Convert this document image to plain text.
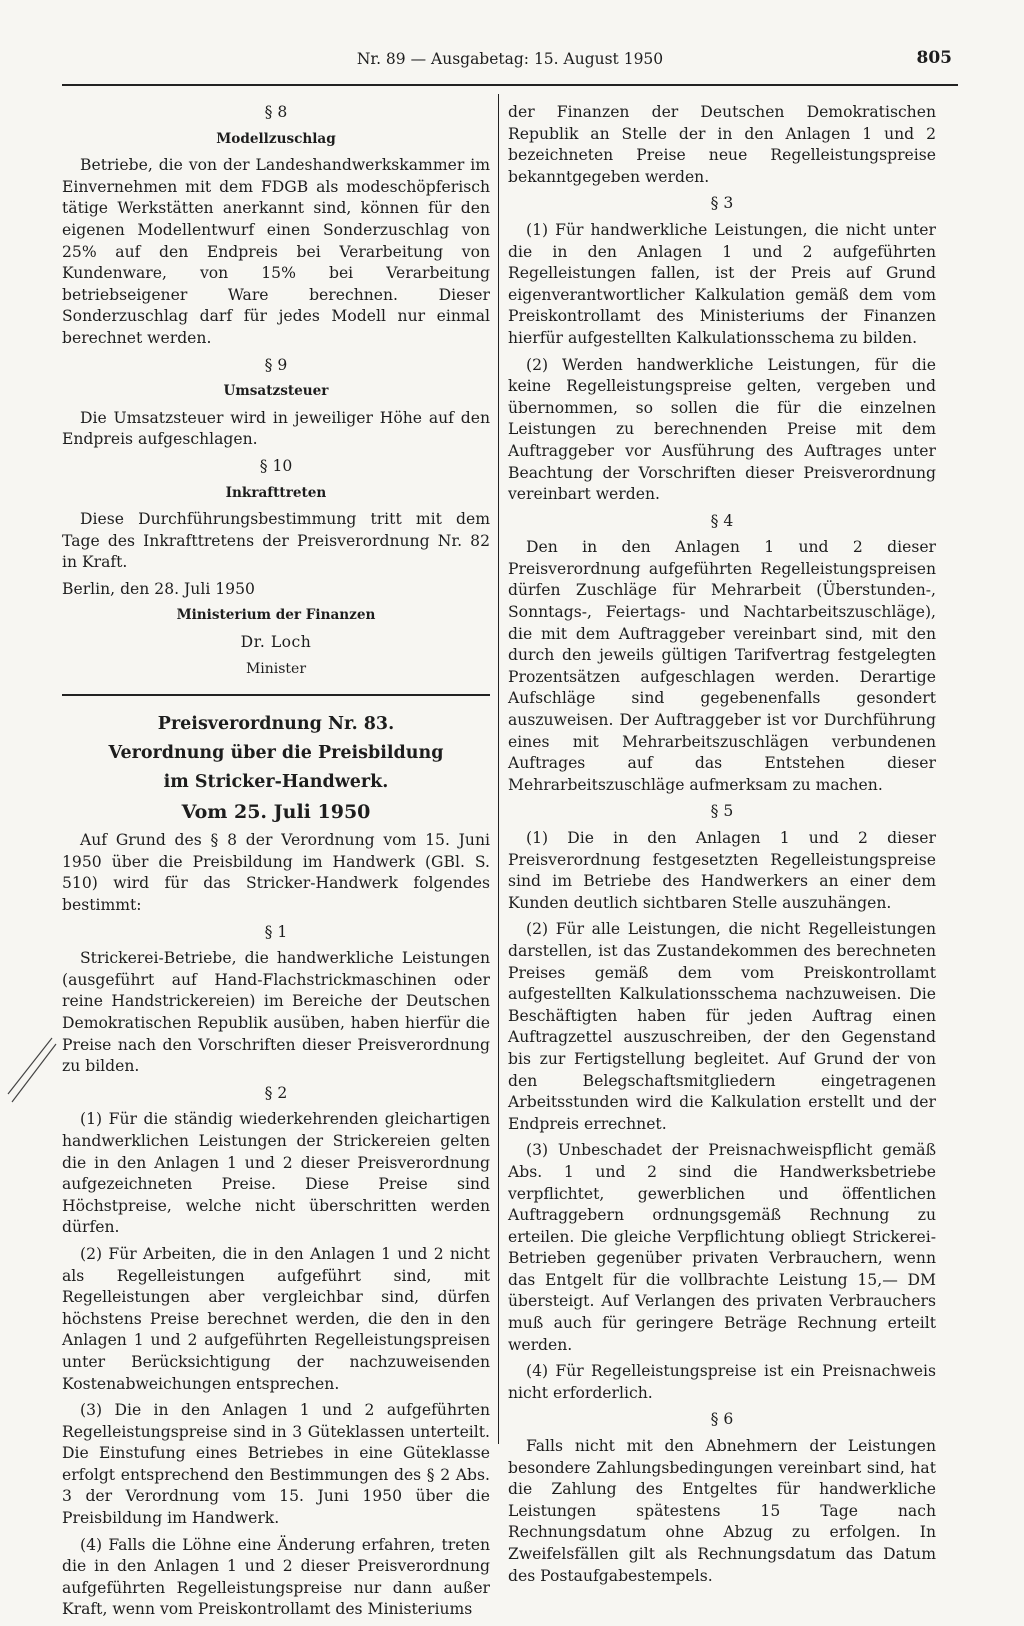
Nr. 89 — Ausgabetag: 15. August 1950	805

§ 8

Modellzuschlag

Betriebe, die von der Landeshandwerkskammer im Einvernehmen mit dem FDGB als modeschöpferisch tätige Werkstätten anerkannt sind, können für den eigenen Modellentwurf einen Sonderzuschlag von 25% auf den Endpreis bei Verarbeitung von Kundenware, von 15% bei Verarbeitung betriebseigener Ware berechnen. Dieser Sonderzuschlag darf für jedes Modell nur einmal berechnet werden.

§ 9

Umsatzsteuer

Die Umsatzsteuer wird in jeweiliger Höhe auf den Endpreis aufgeschlagen.

§ 10

Inkrafttreten

Diese Durchführungsbestimmung tritt mit dem Tage des Inkrafttretens der Preisverordnung Nr. 82 in Kraft.

Berlin, den 28. Juli 1950

Ministerium der Finanzen

Dr. Loch

Minister

Preisverordnung Nr. 83.

Verordnung über die Preisbildung

im Stricker-Handwerk.

Vom 25. Juli 1950

Auf Grund des § 8 der Verordnung vom 15. Juni 1950 über die Preisbildung im Handwerk (GBl. S. 510) wird für das Stricker-Handwerk folgendes bestimmt:

§ 1

Strickerei-Betriebe, die handwerkliche Leistungen (ausgeführt auf Hand-Flachstrickmaschinen oder reine Handstrickereien) im Bereiche der Deutschen Demokratischen Republik ausüben, haben hierfür die Preise nach den Vorschriften dieser Preisverordnung zu bilden.

§ 2

(1) Für die ständig wiederkehrenden gleichartigen handwerklichen Leistungen der Strickereien gelten die in den Anlagen 1 und 2 dieser Preisverordnung aufgezeichneten Preise. Diese Preise sind Höchstpreise, welche nicht überschritten werden dürfen.

(2) Für Arbeiten, die in den Anlagen 1 und 2 nicht als Regelleistungen aufgeführt sind, mit Regelleistungen aber vergleichbar sind, dürfen höchstens Preise berechnet werden, die den in den Anlagen 1 und 2 aufgeführten Regelleistungspreisen unter Berücksichtigung der nachzuweisenden Kostenabweichungen entsprechen.

(3) Die in den Anlagen 1 und 2 aufgeführten Regelleistungspreise sind in 3 Güteklassen unterteilt. Die Einstufung eines Betriebes in eine Güteklasse erfolgt entsprechend den Bestimmungen des § 2 Abs. 3 der Verordnung vom 15. Juni 1950 über die Preisbildung im Handwerk.

(4) Falls die Löhne eine Änderung erfahren, treten die in den Anlagen 1 und 2 dieser Preisverordnung aufgeführten Regelleistungspreise nur dann außer Kraft, wenn vom Preiskontrollamt des Ministeriums

der Finanzen der Deutschen Demokratischen Republik an Stelle der in den Anlagen 1 und 2 bezeichneten Preise neue Regelleistungspreise bekanntgegeben werden.

§ 3

(1) Für handwerkliche Leistungen, die nicht unter die in den Anlagen 1 und 2 aufgeführten Regelleistungen fallen, ist der Preis auf Grund eigenverantwortlicher Kalkulation gemäß dem vom Preiskontrollamt des Ministeriums der Finanzen hierfür aufgestellten Kalkulationsschema zu bilden.

(2) Werden handwerkliche Leistungen, für die keine Regelleistungspreise gelten, vergeben und übernommen, so sollen die für die einzelnen Leistungen zu berechnenden Preise mit dem Auftraggeber vor Ausführung des Auftrages unter Beachtung der Vorschriften dieser Preisverordnung vereinbart werden.

§ 4

Den in den Anlagen 1 und 2 dieser Preisverordnung aufgeführten Regelleistungspreisen dürfen Zuschläge für Mehrarbeit (Überstunden-, Sonntags-, Feiertags- und Nachtarbeitszuschläge), die mit dem Auftraggeber vereinbart sind, mit den durch den jeweils gültigen Tarifvertrag festgelegten Prozentsätzen aufgeschlagen werden. Derartige Aufschläge sind gegebenenfalls gesondert auszuweisen. Der Auftraggeber ist vor Durchführung eines mit Mehrarbeitszuschlägen verbundenen Auftrages auf das Entstehen dieser Mehrarbeitszuschläge aufmerksam zu machen.

§ 5

(1) Die in den Anlagen 1 und 2 dieser Preisverordnung festgesetzten Regelleistungspreise sind im Betriebe des Handwerkers an einer dem Kunden deutlich sichtbaren Stelle auszuhängen.

(2) Für alle Leistungen, die nicht Regelleistungen darstellen, ist das Zustandekommen des berechneten Preises gemäß dem vom Preiskontrollamt aufgestellten Kalkulationsschema nachzuweisen. Die Beschäftigten haben für jeden Auftrag einen Auftragzettel auszuschreiben, der den Gegenstand bis zur Fertigstellung begleitet. Auf Grund der von den Belegschaftsmitgliedern eingetragenen Arbeitsstunden wird die Kalkulation erstellt und der Endpreis errechnet.

(3) Unbeschadet der Preisnachweispflicht gemäß Abs. 1 und 2 sind die Handwerksbetriebe verpflichtet, gewerblichen und öffentlichen Auftraggebern ordnungsgemäß Rechnung zu erteilen. Die gleiche Verpflichtung obliegt Strickerei-Betrieben gegenüber privaten Verbrauchern, wenn das Entgelt für die vollbrachte Leistung 15,— DM übersteigt. Auf Verlangen des privaten Verbrauchers muß auch für geringere Beträge Rechnung erteilt werden.

(4) Für Regelleistungspreise ist ein Preisnachweis nicht erforderlich.

§ 6

Falls nicht mit den Abnehmern der Leistungen besondere Zahlungsbedingungen vereinbart sind, hat die Zahlung des Entgeltes für handwerkliche Leistungen spätestens 15 Tage nach Rechnungsdatum ohne Abzug zu erfolgen. In Zweifelsfällen gilt als Rechnungsdatum das Datum des Postaufgabestempels.
